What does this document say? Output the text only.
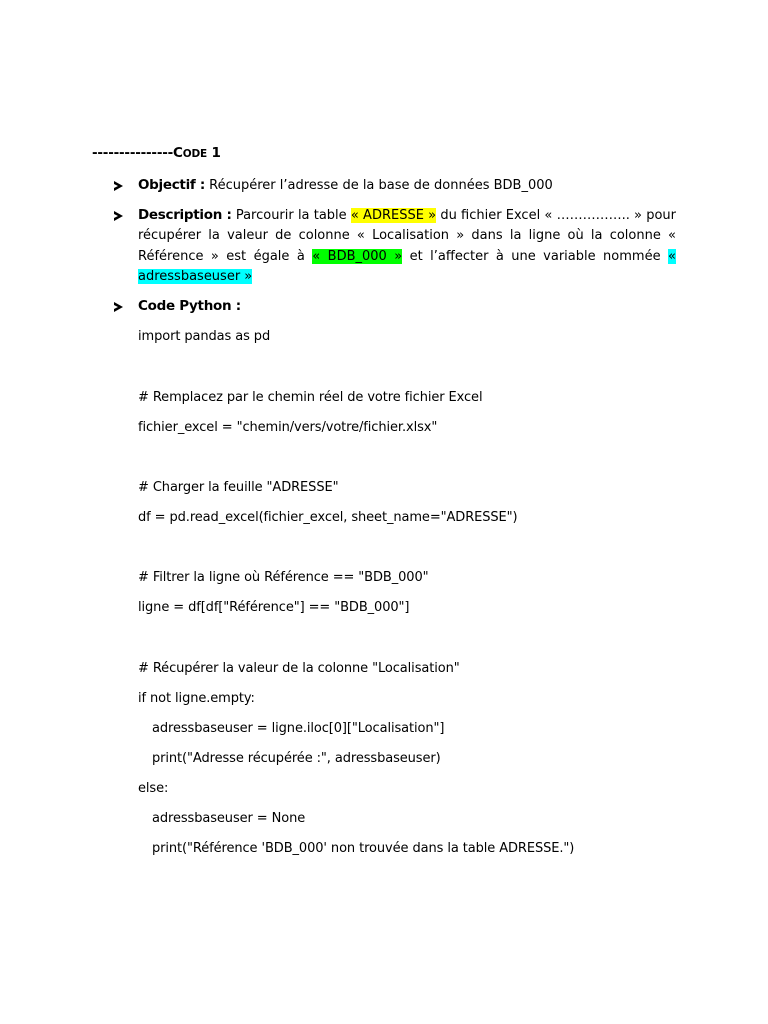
---------------CODE 1
Objectif : Récupérer l’adresse de la base de données BDB_000
Description : Parcourir la table « ADRESSE » du fichier Excel « …………….. » pour récupérer la valeur de colonne « Localisation » dans la ligne où la colonne « Référence » est égale à « BDB_000 » et l’affecter à une variable nommée « adressbaseuser »
Code Python :
import pandas as pd
# Remplacez par le chemin réel de votre fichier Excel
fichier_excel = "chemin/vers/votre/fichier.xlsx"
# Charger la feuille "ADRESSE"
df = pd.read_excel(fichier_excel, sheet_name="ADRESSE")
# Filtrer la ligne où Référence == "BDB_000"
ligne = df[df["Référence"] == "BDB_000"]
# Récupérer la valeur de la colonne "Localisation"
if not ligne.empty:
adressbaseuser = ligne.iloc[0]["Localisation"]
print("Adresse récupérée :", adressbaseuser)
else:
adressbaseuser = None
print("Référence 'BDB_000' non trouvée dans la table ADRESSE.")
